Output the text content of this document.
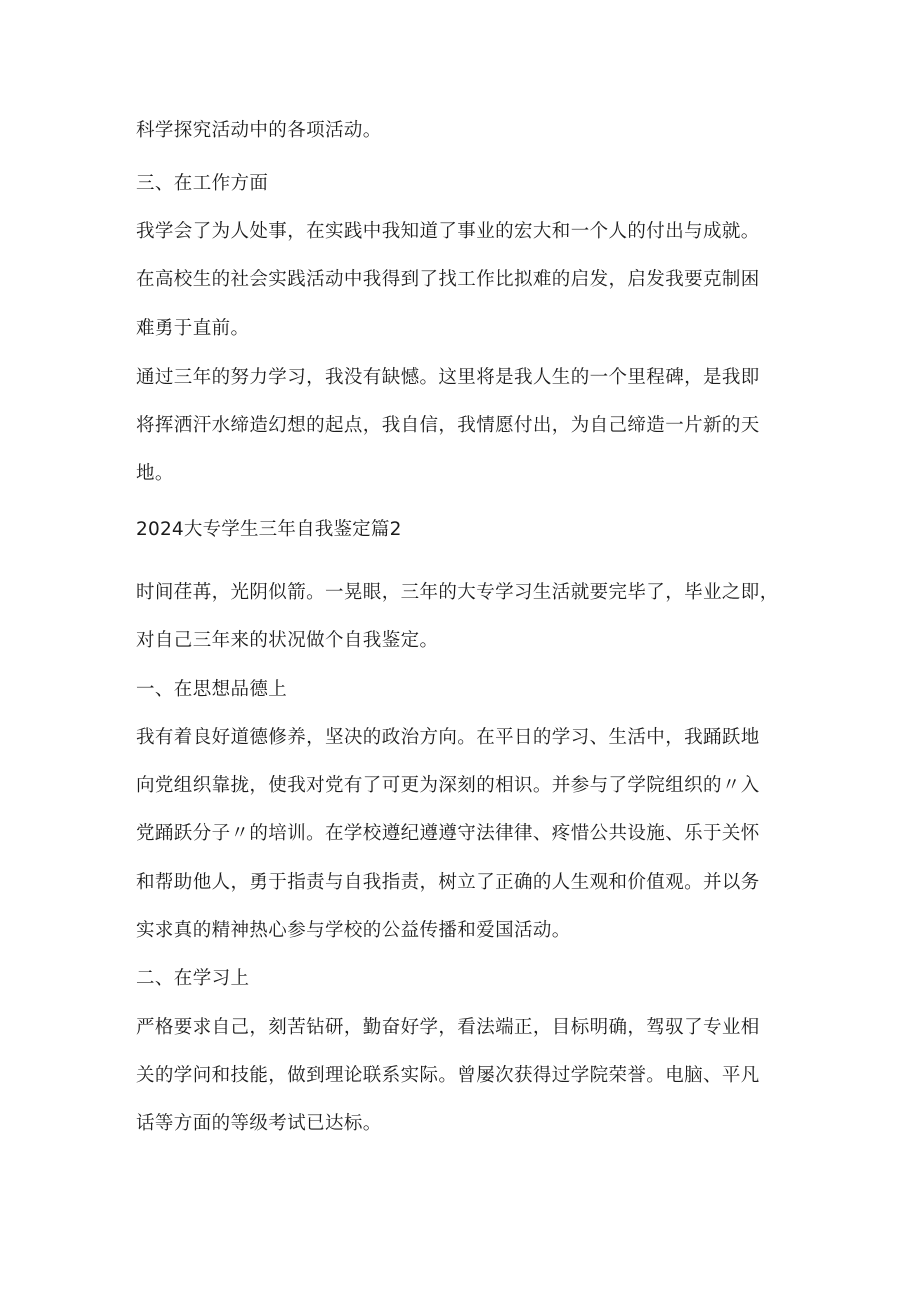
科学探究活动中的各项活动。
三、在工作方面
我学会了为人处事，在实践中我知道了事业的宏大和一个人的付出与成就。
在高校生的社会实践活动中我得到了找工作比拟难的启发，启发我要克制困
难勇于直前。
通过三年的努力学习，我没有缺憾。这里将是我人生的一个里程碑，是我即
将挥洒汗水缔造幻想的起点，我自信，我情愿付出，为自己缔造一片新的天
地。
2024大专学生三年自我鉴定篇2
时间荏苒，光阴似箭。一晃眼，三年的大专学习生活就要完毕了，毕业之即，
对自己三年来的状况做个自我鉴定。
一、在思想品德上
我有着良好道德修养，坚决的政治方向。在平日的学习、生活中，我踊跃地
向党组织靠拢，使我对党有了可更为深刻的相识。并参与了学院组织的〃入
党踊跃分子〃的培训。在学校遵纪遵遵守法律律、疼惜公共设施、乐于关怀
和帮助他人，勇于指责与自我指责，树立了正确的人生观和价值观。并以务
实求真的精神热心参与学校的公益传播和爱国活动。
二、在学习上
严格要求自己，刻苦钻研，勤奋好学，看法端正，目标明确，驾驭了专业相
关的学问和技能，做到理论联系实际。曾屡次获得过学院荣誉。电脑、平凡
话等方面的等级考试已达标。
